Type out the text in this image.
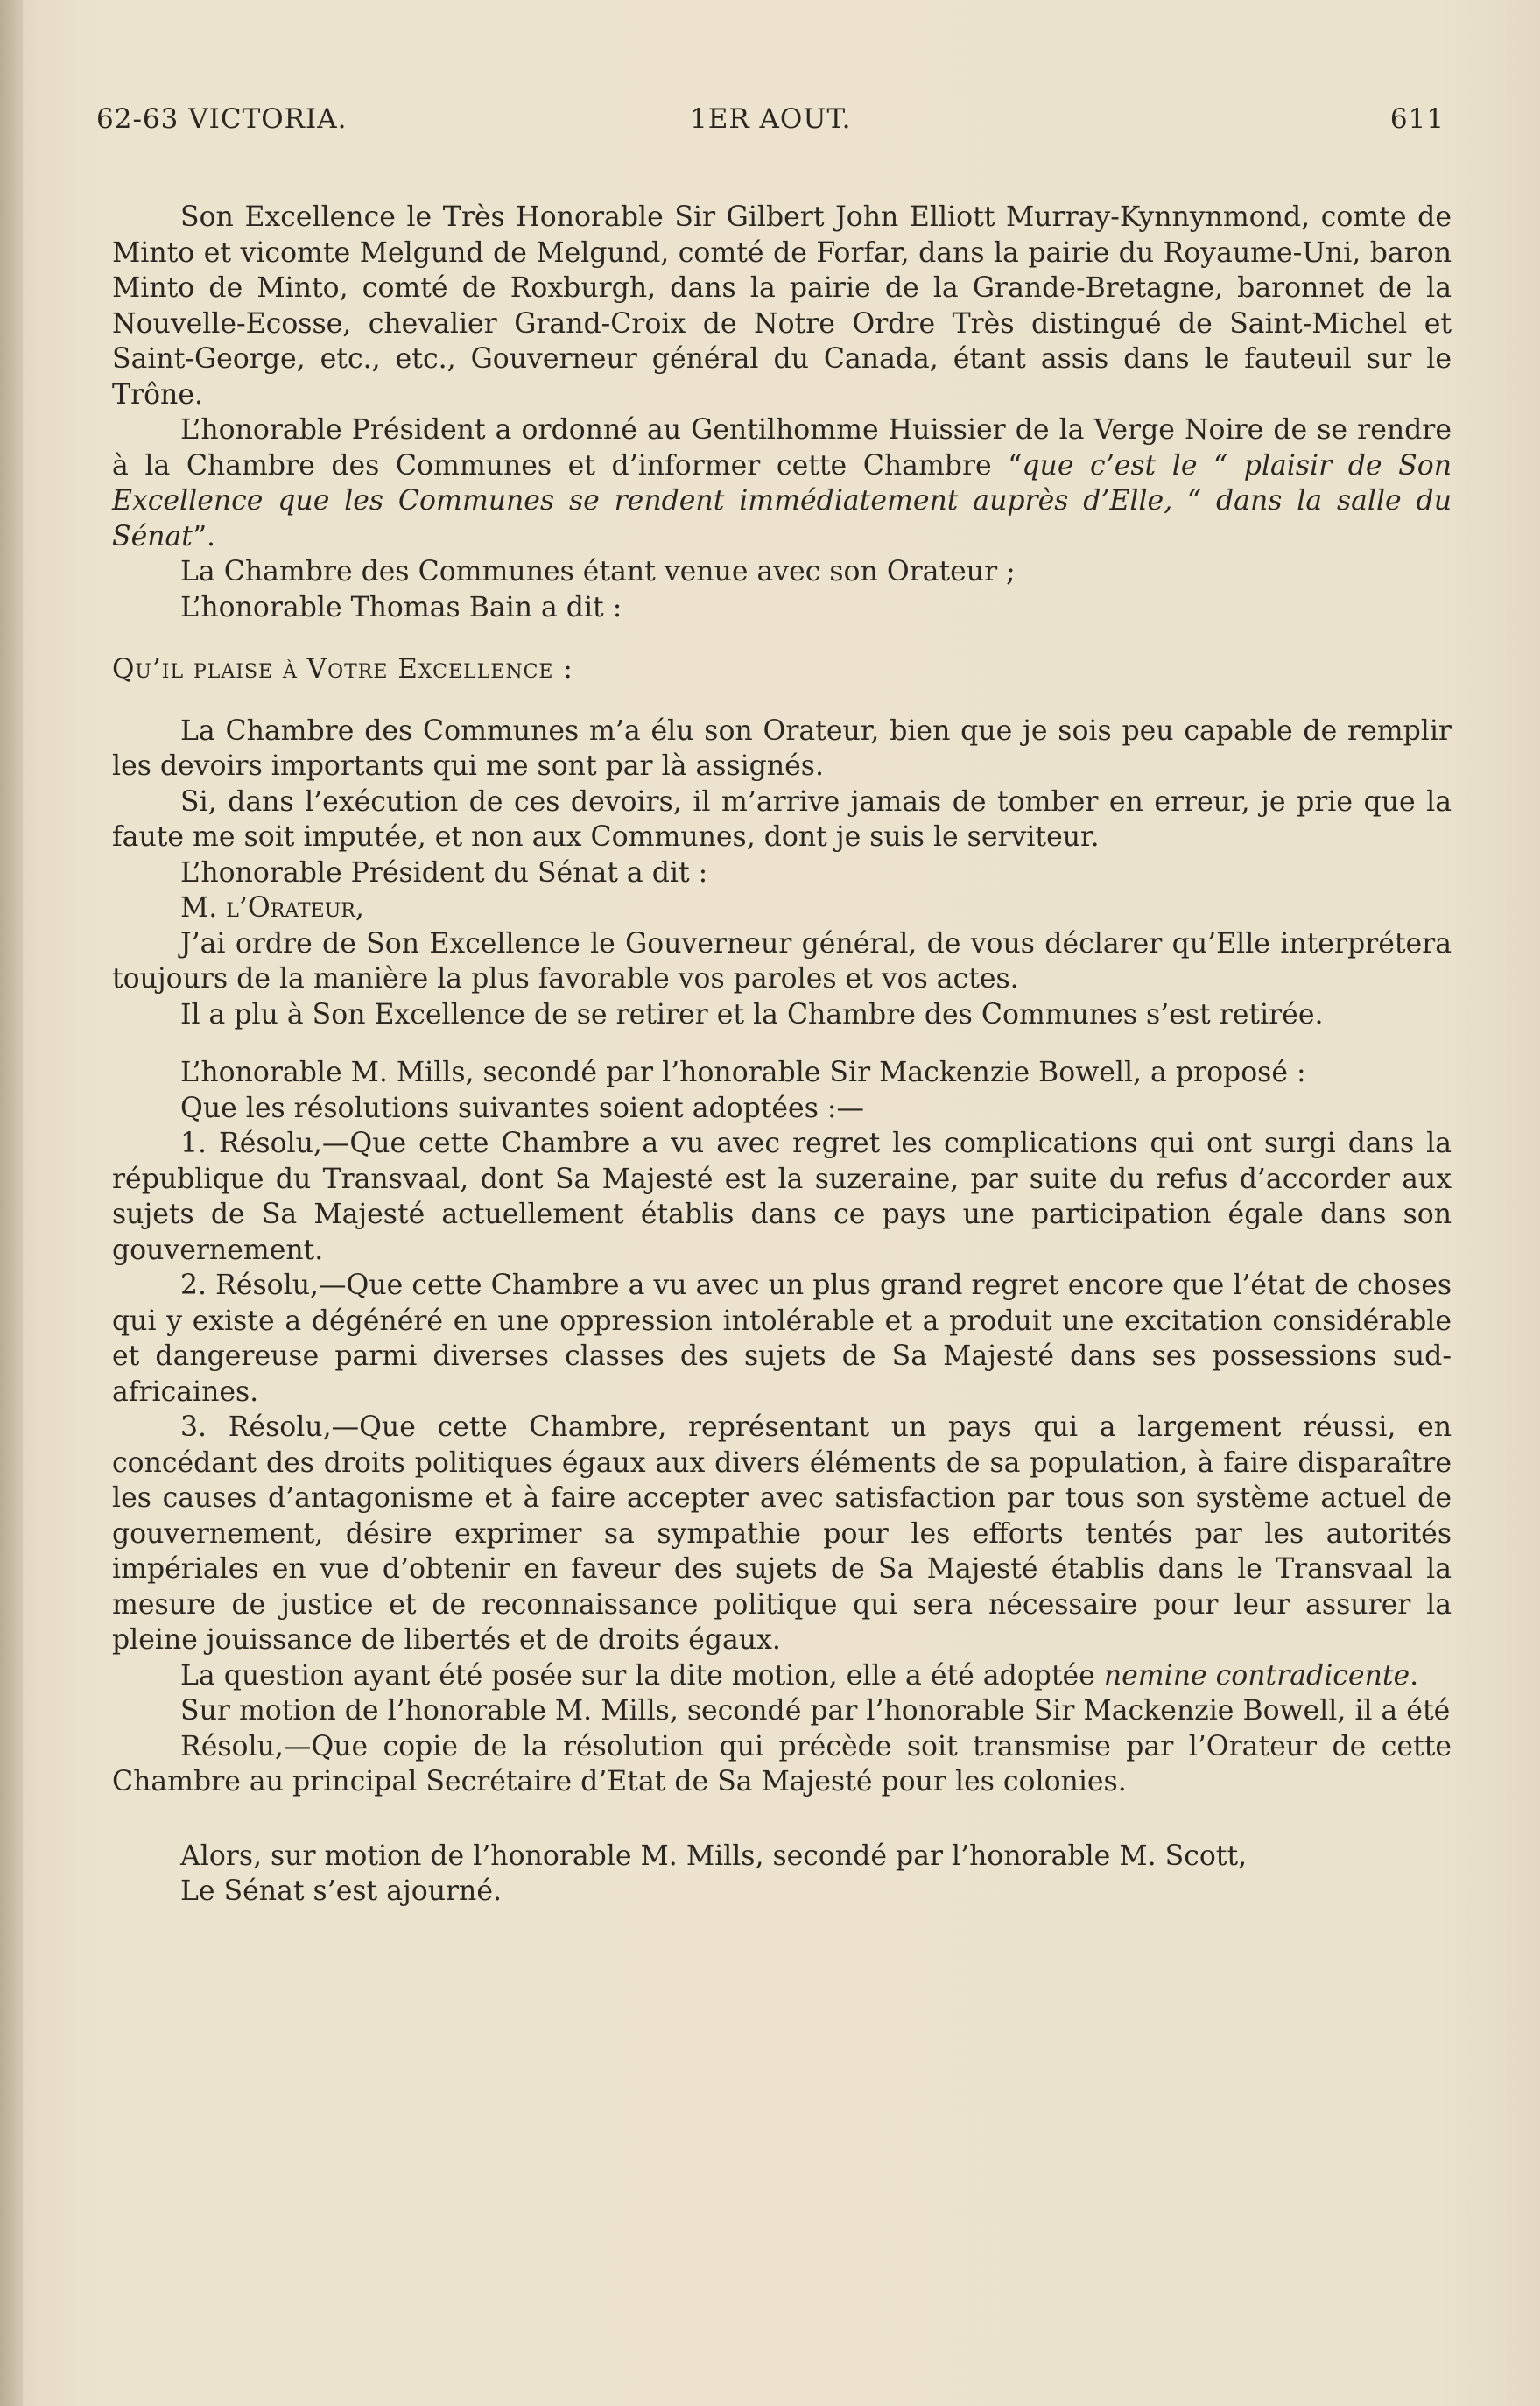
62-63 VICTORIA.	1ER AOUT.	611

Son Excellence le Très Honorable Sir Gilbert John Elliott Murray-Kynnynmond, comte de Minto et vicomte Melgund de Melgund, comté de Forfar, dans la pairie du Royaume-Uni, baron Minto de Minto, comté de Roxburgh, dans la pairie de la Grande-Bretagne, baronnet de la Nouvelle-Ecosse, chevalier Grand-Croix de Notre Ordre Très distingué de Saint-Michel et Saint-George, etc., etc., Gouverneur général du Canada, étant assis dans le fauteuil sur le Trône.

L’honorable Président a ordonné au Gentilhomme Huissier de la Verge Noire de se rendre à la Chambre des Communes et d’informer cette Chambre “que c’est le “ plaisir de Son Excellence que les Communes se rendent immédiatement auprès d’Elle, “ dans la salle du Sénat”.

La Chambre des Communes étant venue avec son Orateur ;

L’honorable Thomas Bain a dit :

Qu’il plaise à Votre Excellence :

La Chambre des Communes m’a élu son Orateur, bien que je sois peu capable de remplir les devoirs importants qui me sont par là assignés.

Si, dans l’exécution de ces devoirs, il m’arrive jamais de tomber en erreur, je prie que la faute me soit imputée, et non aux Communes, dont je suis le serviteur.

L’honorable Président du Sénat a dit :

M. l’Orateur,

J’ai ordre de Son Excellence le Gouverneur général, de vous déclarer qu’Elle interprétera toujours de la manière la plus favorable vos paroles et vos actes.

Il a plu à Son Excellence de se retirer et la Chambre des Communes s’est retirée.

L’honorable M. Mills, secondé par l’honorable Sir Mackenzie Bowell, a proposé :

Que les résolutions suivantes soient adoptées :—

1. Résolu,—Que cette Chambre a vu avec regret les complications qui ont surgi dans la république du Transvaal, dont Sa Majesté est la suzeraine, par suite du refus d’accorder aux sujets de Sa Majesté actuellement établis dans ce pays une participation égale dans son gouvernement.

2. Résolu,—Que cette Chambre a vu avec un plus grand regret encore que l’état de choses qui y existe a dégénéré en une oppression intolérable et a produit une excitation considérable et dangereuse parmi diverses classes des sujets de Sa Majesté dans ses possessions sud-africaines.

3. Résolu,—Que cette Chambre, représentant un pays qui a largement réussi, en concédant des droits politiques égaux aux divers éléments de sa population, à faire disparaître les causes d’antagonisme et à faire accepter avec satisfaction par tous son système actuel de gouvernement, désire exprimer sa sympathie pour les efforts tentés par les autorités impériales en vue d’obtenir en faveur des sujets de Sa Majesté établis dans le Transvaal la mesure de justice et de reconnaissance politique qui sera nécessaire pour leur assurer la pleine jouissance de libertés et de droits égaux.

La question ayant été posée sur la dite motion, elle a été adoptée nemine contradicente.

Sur motion de l’honorable M. Mills, secondé par l’honorable Sir Mackenzie Bowell, il a été

Résolu,—Que copie de la résolution qui précède soit transmise par l’Orateur de cette Chambre au principal Secrétaire d’Etat de Sa Majesté pour les colonies.

Alors, sur motion de l’honorable M. Mills, secondé par l’honorable M. Scott,

Le Sénat s’est ajourné.
